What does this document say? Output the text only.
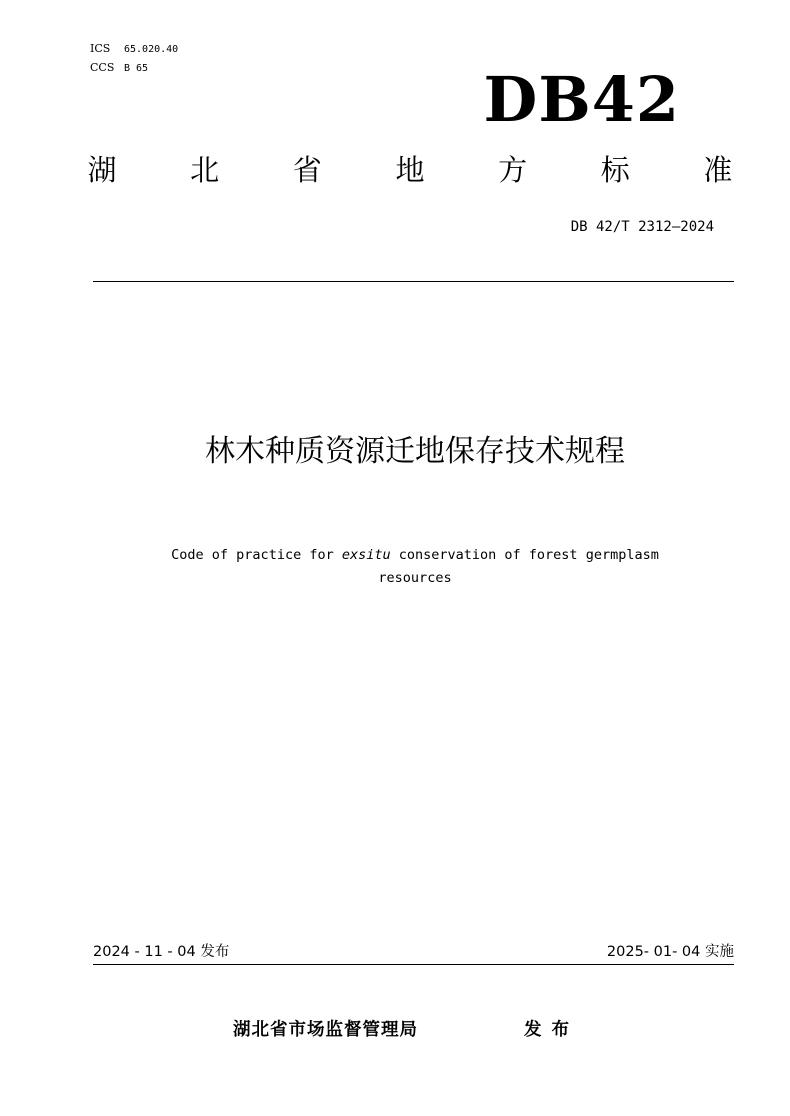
ICS 65.020.40
CCS B 65	DB42
湖	北	省	地	方	标	准
DB 42/T 2312—2024
林木种质资源迁地保存技术规程
Code of practice for exsitu conservation of forest germplasm
resources
2024 - 11 - 04 发布	2025- 01- 04 实施
湖北省市场监督管理局	发布
